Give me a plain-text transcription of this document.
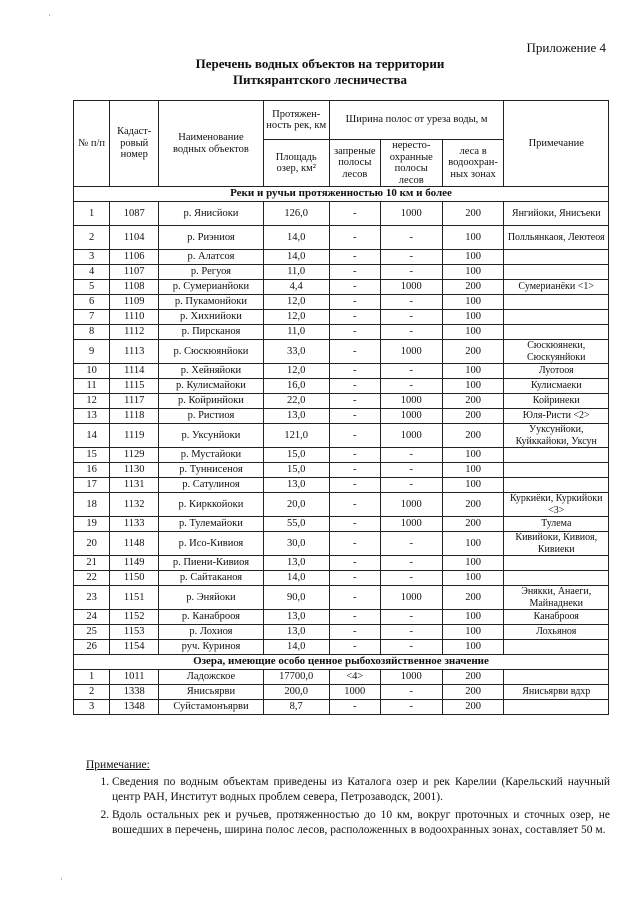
Приложение 4
Перечень водных объектов на территории
Питкярантского лесничества
№ п/п	Кадаст-ровый номер	Наименование водных объектов	Протяжен-ность рек, км	Ширина полос от уреза воды, м			Примечание
			Площадь озер, км²	запреные полосы лесов	нересто-охранные полосы лесов	леса в водоохран-ных зонах	
Реки и ручьи протяженностью 10 км и более							
1	1087	р. Янисйоки	126,0	-	1000	200	Янгийоки, Янисъеки
2	1104	р. Риэниоя	14,0	-	-	100	Полльянкаоя, Леютеоя
3	1106	р. Алатсоя	14,0	-	-	100	
4	1107	р. Регуоя	11,0	-	-	100	
5	1108	р. Сумерианйоки	4,4	-	1000	200	Сумерианёки <1>
6	1109	р. Пукамонйоки	12,0	-	-	100	
7	1110	р. Хихнийоки	12,0	-	-	100	
8	1112	р. Пирсканоя	11,0	-	-	100	
9	1113	р. Сюскюянйоки	33,0	-	1000	200	Сюскюянеки, Сюскуянйоки
10	1114	р. Хейняйоки	12,0	-	-	100	Луотооя
11	1115	р. Кулисмайоки	16,0	-	-	100	Кулисмаеки
12	1117	р. Койринйоки	22,0	-	1000	200	Койринеки
13	1118	р. Ристиоя	13,0	-	1000	200	Юля-Ристи <2>
14	1119	р. Уксунйоки	121,0	-	1000	200	Ууксунйоки, Куйккайоки, Уксун
15	1129	р. Мустайоки	15,0	-	-	100	
16	1130	р. Туннисеноя	15,0	-	-	100	
17	1131	р. Сатулиноя	13,0	-	-	100	
18	1132	р. Кирккойоки	20,0	-	1000	200	Куркиёки, Куркийоки <3>
19	1133	р. Тулемайоки	55,0	-	1000	200	Тулема
20	1148	р. Исо-Кивиоя	30,0	-	-	100	Кивийоки, Кивиоя, Кивиеки
21	1149	р. Пиени-Кивиоя	13,0	-	-	100	
22	1150	р. Сайтаканоя	14,0	-	-	100	
23	1151	р. Эняйоки	90,0	-	1000	200	Энякки, Анаеги, Майнаднеки
24	1152	р. Канаброоя	13,0	-	-	100	Канаброоя
25	1153	р. Лохиоя	13,0	-	-	100	Лохьяноя
26	1154	руч. Куриноя	14,0	-	-	100	
Озера, имеющие особо ценное рыбохозяйственное значение							
1	1011	Ладожское	17700,0	<4>	1000	200	
2	1338	Янисьярви	200,0	1000	-	200	Янисьярви вдхр
3	1348	Суйстамонъярви	8,7	-	-	200	
Примечание:
1. Сведения по водным объектам приведены из Каталога озер и рек Карелии (Карельский научный центр РАН, Институт водных проблем севера, Петрозаводск, 2001).
2. Вдоль остальных рек и ручьев, протяженностью до 10 км, вокруг проточных и сточных озер, не вошедших в перечень, ширина полос лесов, расположенных в водоохранных зонах, составляет 50 м.
·
·
